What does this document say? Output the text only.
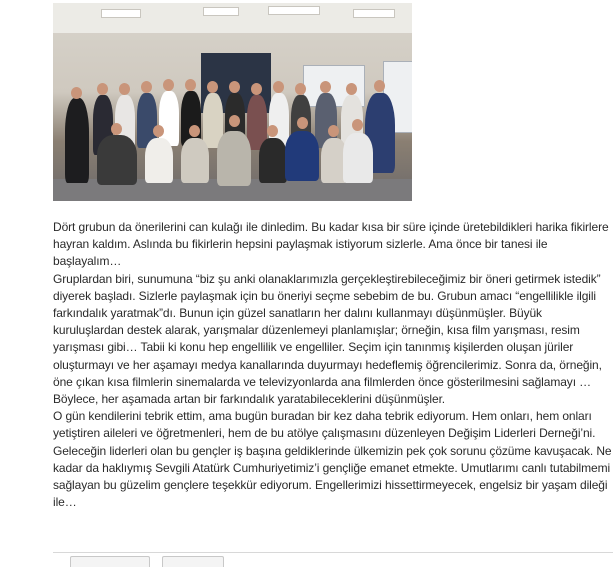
Dört grubun da önerilerini can kulağı ile dinledim. Bu kadar kısa bir süre içinde üretebildikleri harika fikirlere hayran kaldım. Aslında bu fikirlerin hepsini paylaşmak istiyorum sizlerle. Ama önce bir tanesi ile başlayalım…

Gruplardan biri, sunumuna “biz şu anki olanaklarımızla gerçekleştirebileceğimiz bir öneri getirmek istedik” diyerek başladı. Sizlerle paylaşmak için bu öneriyi seçme sebebim de bu. Grubun amacı “engellilikle ilgili farkındalık yaratmak”dı. Bunun için güzel sanatların her dalını kullanmayı düşünmüşler. Büyük kuruluşlardan destek alarak, yarışmalar düzenlemeyi planlamışlar; örneğin, kısa film yarışması, resim yarışması gibi… Tabii ki konu hep engellilik ve engelliler. Seçim için tanınmış kişilerden oluşan jüriler oluşturmayı ve her aşamayı medya kanallarında duyurmayı hedeflemiş öğrencilerimiz. Sonra da, örneğin, öne çıkan kısa filmlerin sinemalarda ve televizyonlarda ana filmlerden önce gösterilmesini sağlamayı …Böylece, her aşamada artan bir farkındalık yaratabileceklerini düşünmüşler.

O gün kendilerini tebrik ettim, ama bugün buradan bir kez daha tebrik ediyorum. Hem onları, hem onları yetiştiren aileleri ve öğretmenleri, hem de bu atölye çalışmasını düzenleyen Değişim Liderleri Derneği’ni. Geleceğin liderleri olan bu gençler iş başına geldiklerinde ülkemizin pek çok sorunu çözüme kavuşacak. Ne kadar da haklıymış Sevgili Atatürk Cumhuriyetimiz’i gençliğe emanet etmekte. Umutlarımı canlı tutabilmemi sağlayan bu güzelim gençlere teşekkür ediyorum. Engellerimizi hissettirmeyecek, engelsiz bir yaşam dileği ile…
